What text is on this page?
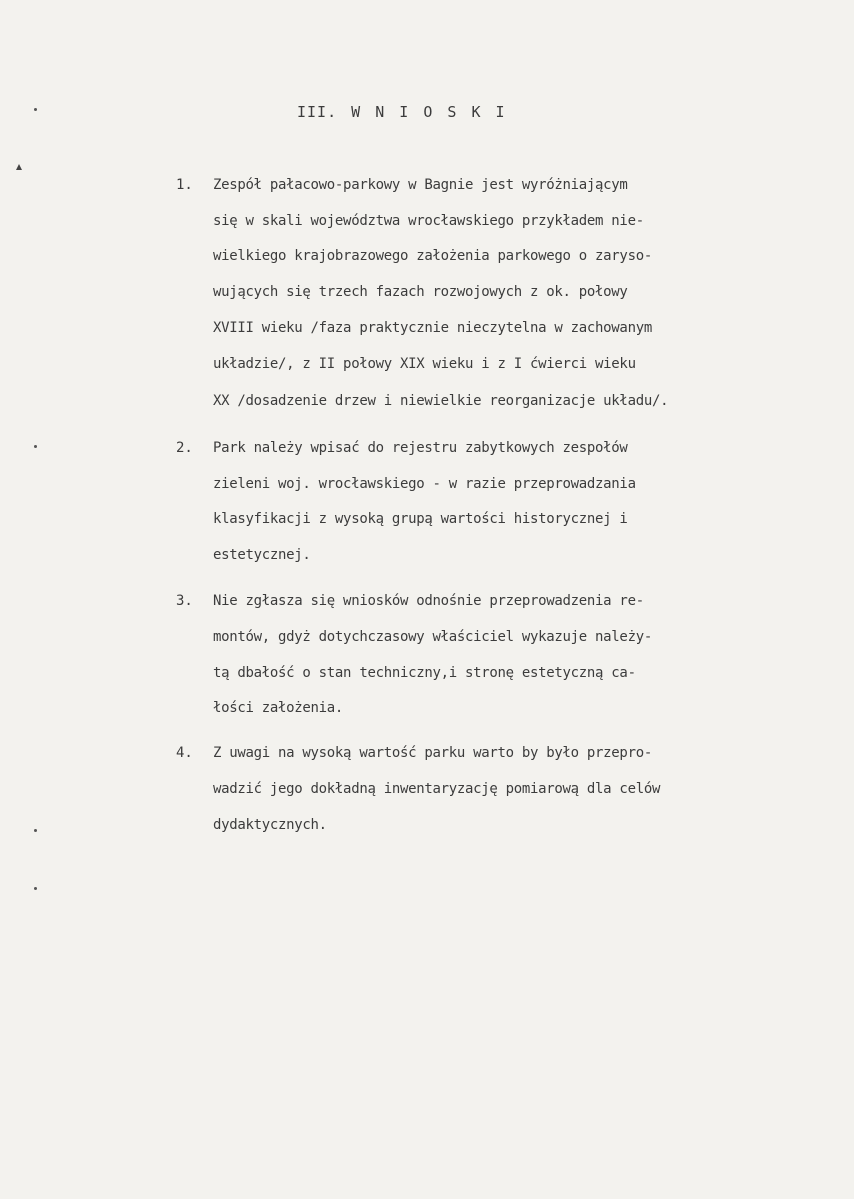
III. W N I O S K I
1. Zespół pałacowo-parkowy w Bagnie jest wyróżniającym
się w skali województwa wrocławskiego przykładem nie-
wielkiego krajobrazowego założenia parkowego o zaryso-
wujących się trzech fazach rozwojowych z ok. połowy
XVIII wieku /faza praktycznie nieczytelna w zachowanym
układzie/, z II połowy XIX wieku i z I ćwierci wieku
XX /dosadzenie drzew i niewielkie reorganizacje układu/.
2. Park należy wpisać do rejestru zabytkowych zespołów
zieleni woj. wrocławskiego - w razie przeprowadzania
klasyfikacji z wysoką grupą wartości historycznej i
estetycznej.
3. Nie zgłasza się wniosków odnośnie przeprowadzenia re-
montów, gdyż dotychczasowy właściciel wykazuje należy-
tą dbałość o stan techniczny,i stronę estetyczną ca-
łości założenia.
4. Z uwagi na wysoką wartość parku warto by było przepro-
wadzić jego dokładną inwentaryzację pomiarową dla celów
dydaktycznych.
